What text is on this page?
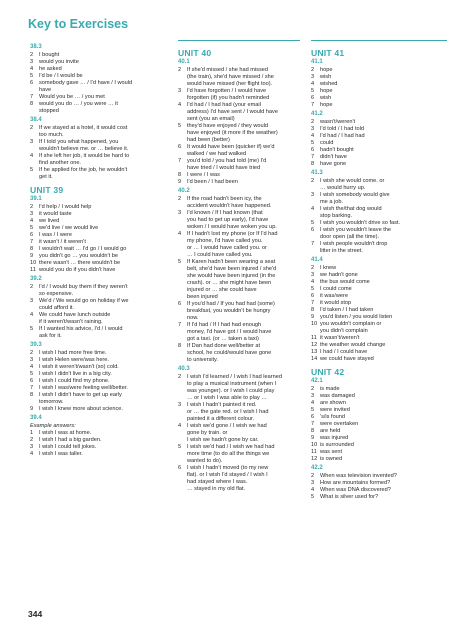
Key to Exercises
38.3
2	I bought
3	would you invite
4	he asked
5	I'd be / I would be
6	somebody gave … / I'd have / I would
have
7	Would you be … / you met
8	would you do … / you were … it
stopped
38.4
2	If we stayed at a hotel, it would cost
too much.
3	If I told you what happened, you
wouldn't believe me. or … believe it.
4	If she left her job, it would be hard to
find another one.
5	If he applied for the job, he wouldn't
get it.
UNIT 39
39.1
2	I'd help / I would help
3	it would taste
4	we lived
5	we'd live / we would live
6	I was / I were
7	it wasn't / it weren't
8	I wouldn't wait … I'd go / I would go
9	you didn't go … you wouldn't be
10 there wasn't … there wouldn't be
11 would you do if you didn't have
39.2
2	I'd / I would buy them if they weren't
so expensive.
3	We'd / We would go on holiday if we
could afford it.
4	We could have lunch outside
if it weren't/wasn't raining.
5	If I wanted his advice, I'd / I would
ask for it.
39.3
2	I wish I had more free time.
3	I wish Helen were/was here.
4	I wish it weren't/wasn't (so) cold.
5	I wish I didn't live in a big city.
6	I wish I could find my phone.
7	I wish I was/were feeling well/better.
8	I wish I didn't have to get up early
tomorrow.
9	I wish I knew more about science.
39.4
Example answers:
1	I wish I was at home.
2	I wish I had a big garden.
3	I wish I could tell jokes.
4	I wish I was taller.
UNIT 40
40.1
2	If she'd missed / she had missed
(the train), she'd have missed / she
would have missed (her flight too).
3	I'd have forgotten / I would have
forgotten (if) you hadn't reminded
4	I'd had / I had had (your email
address) I'd have sent / I would have
sent (you an email)
5	they'd have enjoyed / they would
have enjoyed (it more if the weather)
had been (better)
6	It would have been (quicker if) we'd
walked / we had walked
7	you'd told / you had told (me) I'd
have tried / I would have tried
8	I were / I was
9	I'd been / I had been
40.2
2	If the road hadn't been icy, the
accident wouldn't have happened.
3	I'd known / If I had known (that
you had to get up early), I'd have
woken / I would have woken you up.
4	If I hadn't lost my phone (or If I'd had
my phone, I'd have called you.
or … I would have called you. or
… I could have called you.
5	If Karen hadn't been wearing a seat
belt, she'd have been injured / she'd
she would have been injured (in the
crash). or … she might have been
injured or … she could have
been injured
6	If you'd had / If you had had (some)
breakfast, you wouldn't be hungry
now.
7	If I'd had / If I had had enough
money, I'd have got / I would have
got a taxi. (or … taken a taxi)
8	If Dan had done well/better at
school, he could/would have gone
to university.
40.3
2	I wish I'd learned / I wish I had learned
to play a musical instrument (when I
was younger). or I wish I could play
… or I wish I was able to play …
3	I wish I hadn't painted it red.
or … the gate red. or I wish I had
painted it a different colour.
4	I wish we'd gone / I wish we had
gone by train. or
I wish we hadn't gone by car.
5	I wish we'd had / I wish we had had
more time (to do all the things we
wanted to do).
6	I wish I hadn't moved (to my new
flat). or I wish I'd stayed / I wish I
had stayed where I was.
… stayed in my old flat.
UNIT 41
41.1
2	hope
3	wish
4	wished
5	hope
6	wish
7	hope
41.2
2	wasn't/weren't
3	I'd told / I had told
4	I'd had / I had had
5	could
6	hadn't bought
7	didn't have
8	have gone
41.3
2	I wish she would come. or
… would hurry up.
3	I wish somebody would give
me a job.
4	I wish the/that dog would
stop barking.
5	I wish you wouldn't drive so fast.
6	I wish you wouldn't leave the
door open (all the time).
7	I wish people wouldn't drop
litter in the street.
41.4
2	I knew
3	we hadn't gone
4	the bus would come
5	I could come
6	it was/were
7	it would stop
8	I'd taken / I had taken
9	you'd listen / you would listen
10 you wouldn't complain or
you didn't complain
11 it wasn't/weren't
12 the weather would change
13 I had / I could have
14 we could have stayed
UNIT 42
42.1
2	is made
3	was damaged
4	are shown
5	were invited
6	's/is found
7	were overtaken
8	are held
9	was injured
10 is surrounded
11 was sent
12 is owned
42.2
2	When was television invented?
3	How are mountains formed?
4	When was DNA discovered?
5	What is silver used for?
344
